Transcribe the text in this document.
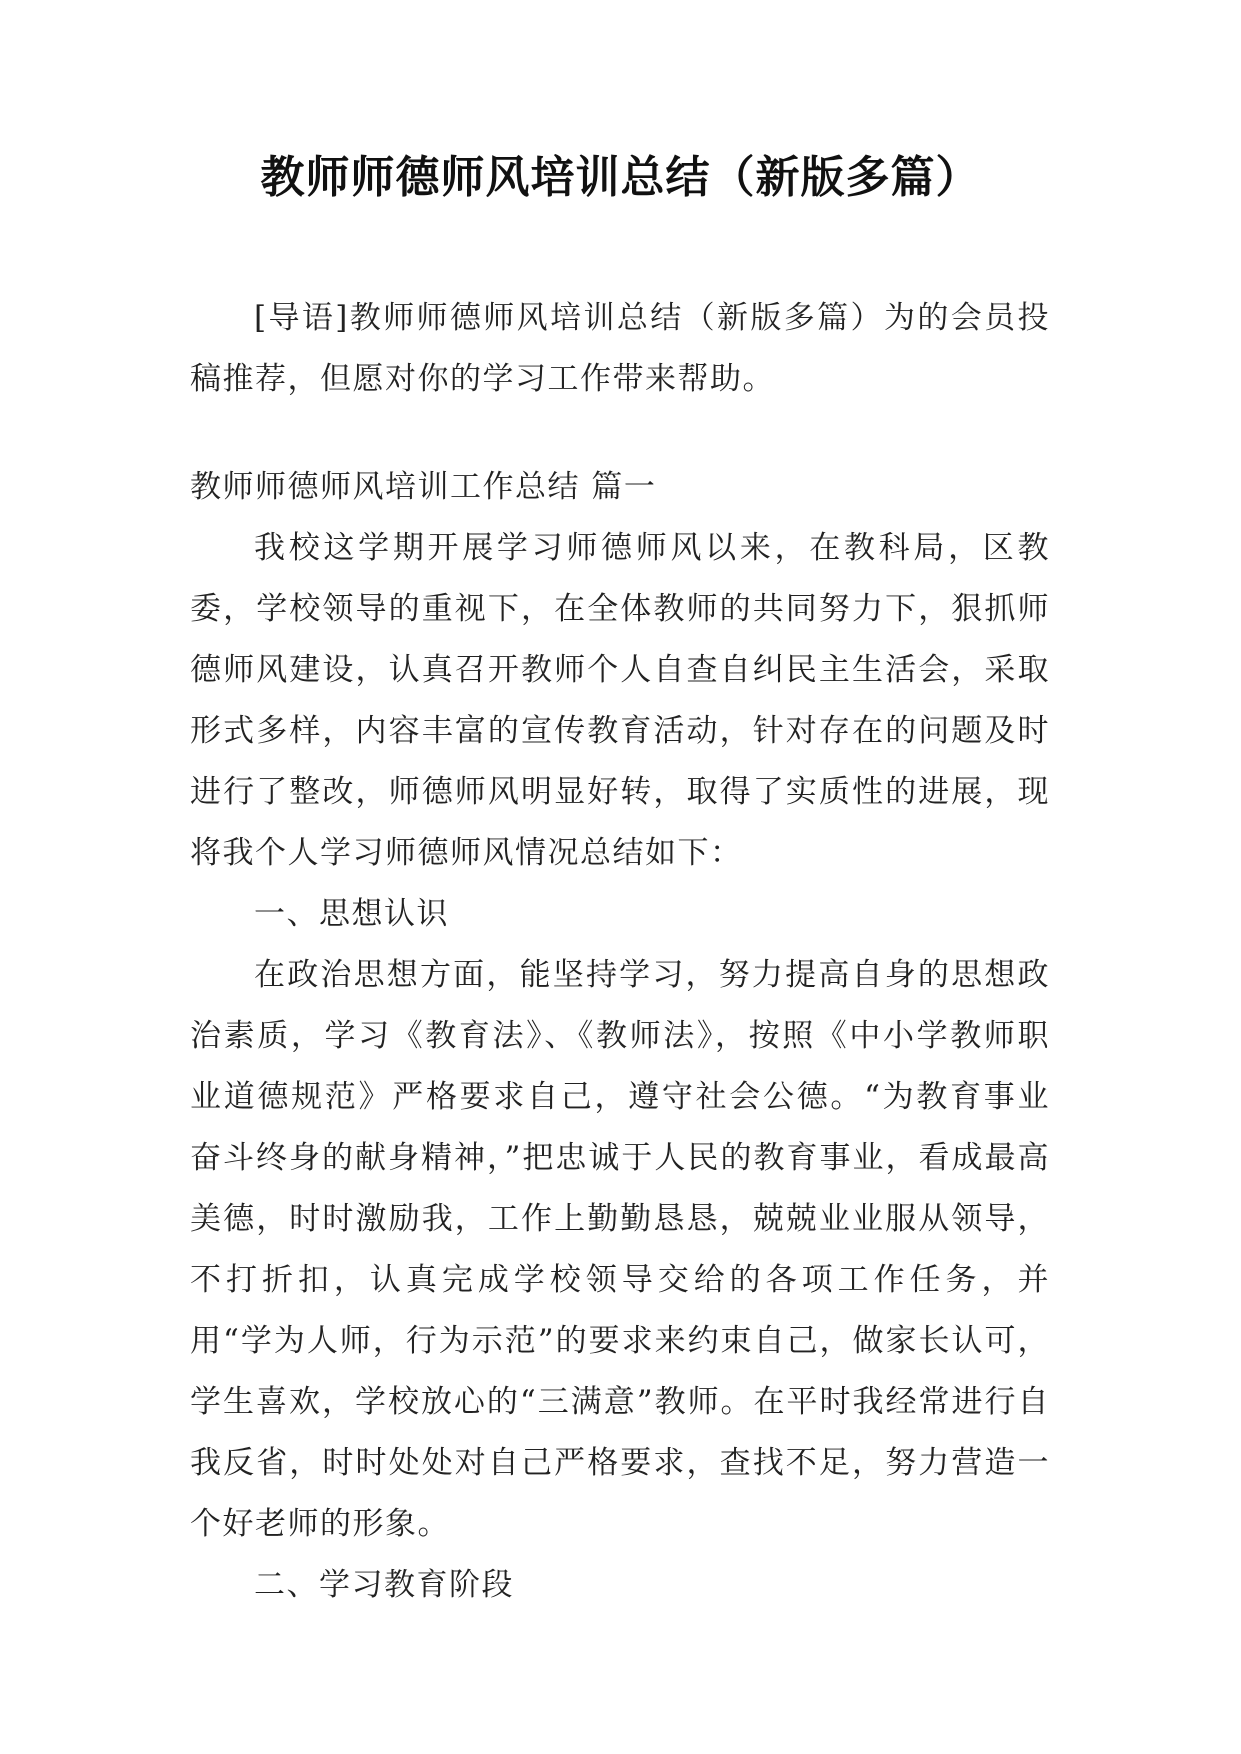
教师师德师风培训总结（新版多篇）

[导语]教师师德师风培训总结（新版多篇）为的会员投稿推荐，但愿对你的学习工作带来帮助。

教师师德师风培训工作总结 篇一

我校这学期开展学习师德师风以来，在教科局，区教委，学校领导的重视下，在全体教师的共同努力下，狠抓师德师风建设，认真召开教师个人自查自纠民主生活会，采取形式多样，内容丰富的宣传教育活动，针对存在的问题及时进行了整改，师德师风明显好转，取得了实质性的进展，现将我个人学习师德师风情况总结如下：

一、思想认识

在政治思想方面，能坚持学习，努力提高自身的思想政治素质，学习《教育法》、《教师法》，按照《中小学教师职业道德规范》严格要求自己，遵守社会公德。“为教育事业奋斗终身的献身精神，”把忠诚于人民的教育事业，看成最高美德，时时激励我，工作上勤勤恳恳，兢兢业业服从领导，不打折扣，认真完成学校领导交给的各项工作任务，并用“学为人师，行为示范”的要求来约束自己，做家长认可，学生喜欢，学校放心的“三满意”教师。在平时我经常进行自我反省，时时处处对自己严格要求，查找不足，努力营造一个好老师的形象。

二、学习教育阶段
